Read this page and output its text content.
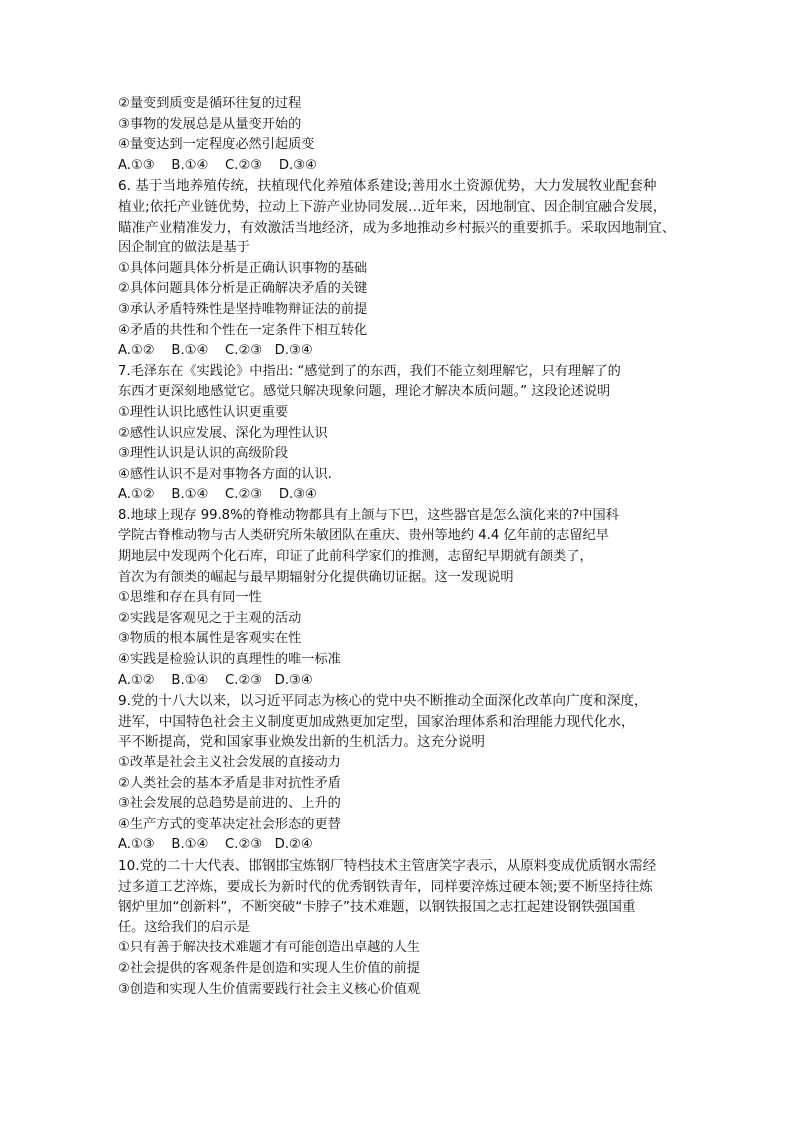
②量变到质变是循环往复的过程
③事物的发展总是从量变开始的
④量变达到一定程度必然引起质变
A.①③    B.①④    C.②③    D.③④
6. 基于当地养殖传统，扶植现代化养殖体系建设;善用水土资源优势，大力发展牧业配套种
植业;依托产业链优势，拉动上下游产业协同发展…近年来，因地制宜、因企制宜融合发展，
瞄准产业精准发力，有效激活当地经济，成为多地推动乡村振兴的重要抓手。采取因地制宜、
因企制宜的做法是基于
①具体问题具体分析是正确认识事物的基础
②具体问题具体分析是正确解决矛盾的关键
③承认矛盾特殊性是坚持唯物辩证法的前提
④矛盾的共性和个性在一定条件下相互转化
A.①②    B.①④    C.②③   D.③④
7.毛泽东在《实践论》中指出: “感觉到了的东西，我们不能立刻理解它，只有理解了的
东西才更深刻地感觉它。感觉只解决现象问题，理论才解决本质问题。” 这段论述说明
①理性认识比感性认识更重要
②感性认识应发展、深化为理性认识
③理性认识是认识的高级阶段
④感性认识不是对事物各方面的认识.
A.①②    B.①④    C.②③    D.③④
8.地球上现存 99.8%的脊椎动物都具有上颌与下巴，这些器官是怎么演化来的?中国科
学院古脊椎动物与古人类研究所朱敏团队在重庆、贵州等地约 4.4 亿年前的志留纪早
期地层中发现两个化石库，印证了此前科学家们的推测，志留纪早期就有颌类了，
首次为有颌类的崛起与最早期辐射分化提供确切证据。这一发现说明
①思维和存在具有同一性
②实践是客观见之于主观的活动
③物质的根本属性是客观实在性
④实践是检验认识的真理性的唯一标准
A.①②    B.①④    C.②③   D.③④
9.党的十八大以来，以习近平同志为核心的党中央不断推动全面深化改革向广度和深度，
进军，中国特色社会主义制度更加成熟更加定型，国家治理体系和治理能力现代化水，
平不断提高，党和国家事业焕发出新的生机活力。这充分说明
①改革是社会主义社会发展的直接动力
②人类社会的基本矛盾是非对抗性矛盾
③社会发展的总趋势是前进的、上升的
④生产方式的变革决定社会形态的更替
A.①③    B.①④    C.②③   D.②④
10.党的二十大代表、邯钢邯宝炼钢厂特档技术主管唐笑字表示，从原料变成优质钢水需经
过多道工艺淬炼，要成长为新时代的优秀钢铁青年，同样要淬炼过硬本领;要不断坚持往炼
钢炉里加“创新料”，不断突破“卡脖子”技术难题，以钢铁报国之志扛起建设钢铁强国重
任。这给我们的启示是
①只有善于解决技术难题才有可能创造出卓越的人生
②社会提供的客观条件是创造和实现人生价值的前提
③创造和实现人生价值需要践行社会主义核心价值观
